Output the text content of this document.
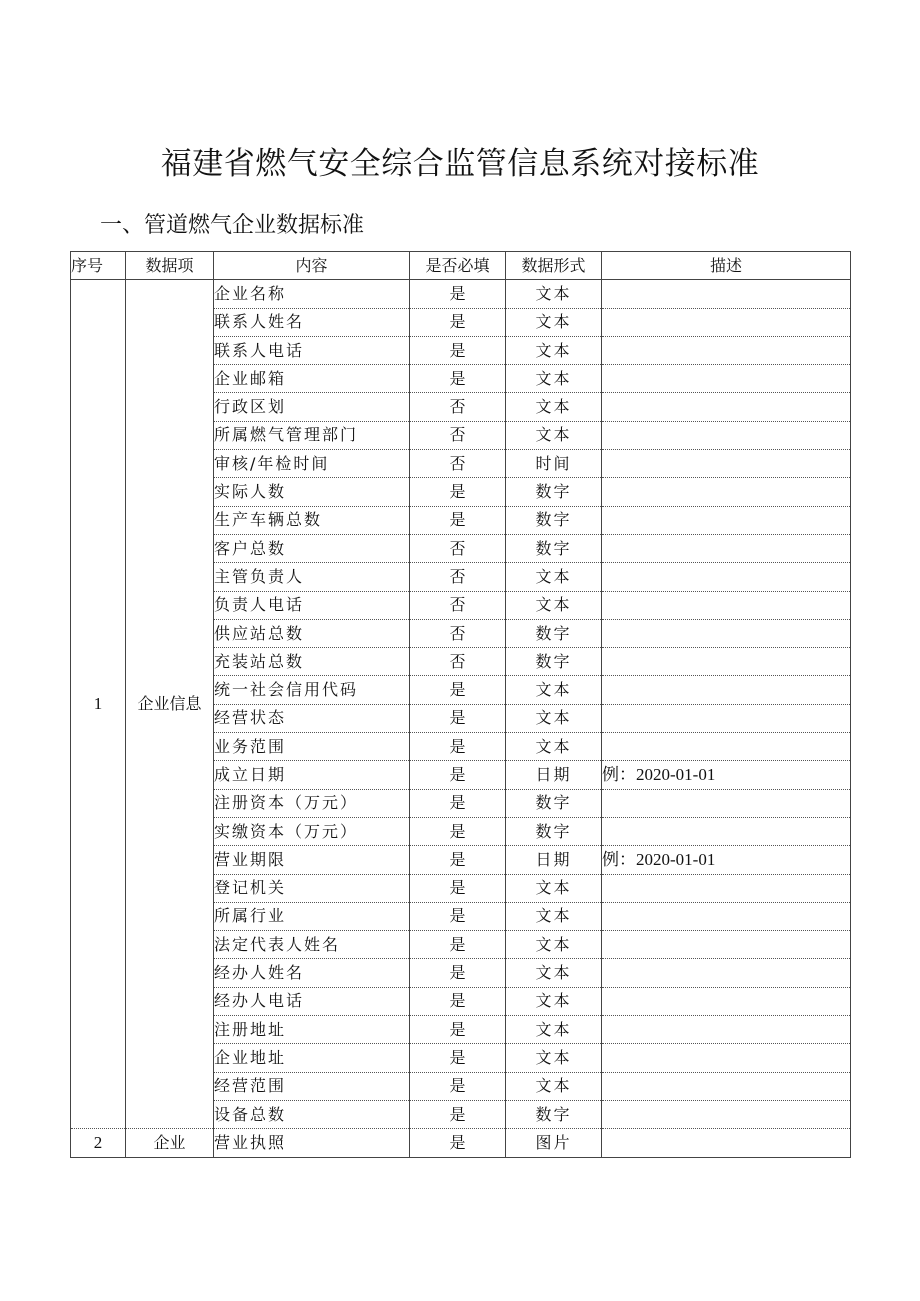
福建省燃气安全综合监管信息系统对接标准
一、管道燃气企业数据标准
序号	数据项	内容	是否必填	数据形式	描述
1	企业信息	企业名称	是	文本	
		联系人姓名	是	文本	
		联系人电话	是	文本	
		企业邮箱	是	文本	
		行政区划	否	文本	
		所属燃气管理部门	否	文本	
		审核/年检时间	否	时间	
		实际人数	是	数字	
		生产车辆总数	是	数字	
		客户总数	否	数字	
		主管负责人	否	文本	
		负责人电话	否	文本	
		供应站总数	否	数字	
		充装站总数	否	数字	
		统一社会信用代码	是	文本	
		经营状态	是	文本	
		业务范围	是	文本	
		成立日期	是	日期	例：2020-01-01
		注册资本（万元）	是	数字	
		实缴资本（万元）	是	数字	
		营业期限	是	日期	例：2020-01-01
		登记机关	是	文本	
		所属行业	是	文本	
		法定代表人姓名	是	文本	
		经办人姓名	是	文本	
		经办人电话	是	文本	
		注册地址	是	文本	
		企业地址	是	文本	
		经营范围	是	文本	
		设备总数	是	数字	
2	企业	营业执照	是	图片	
